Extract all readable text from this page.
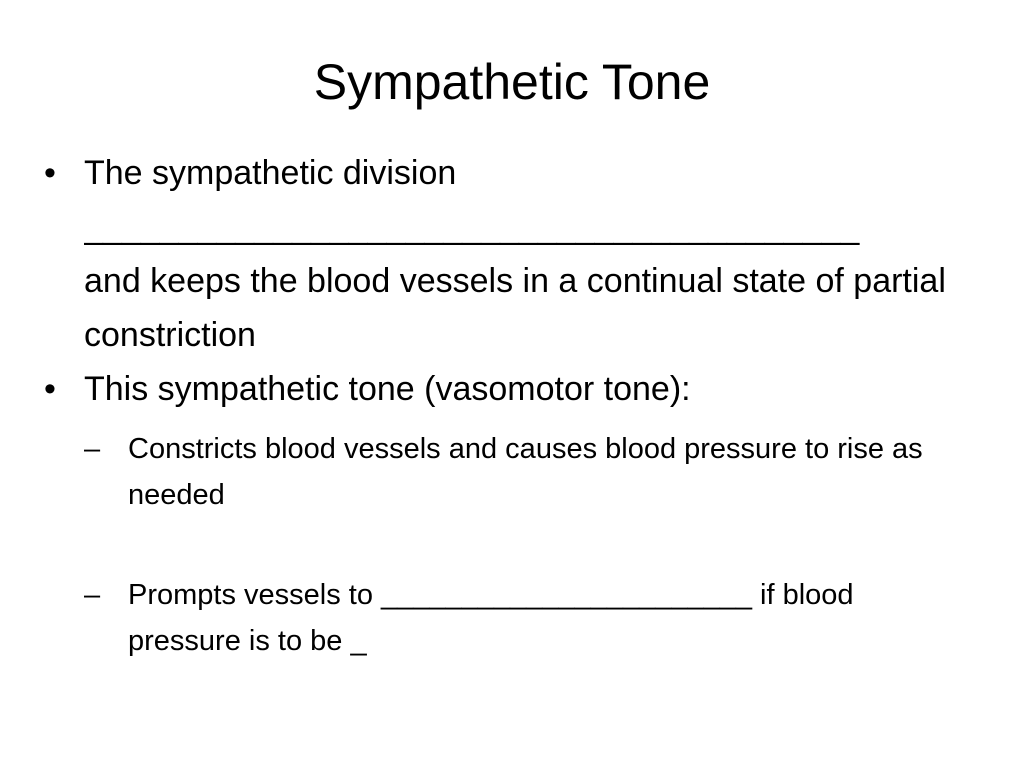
Sympathetic Tone
• The sympathetic division
_________________________________________
and keeps the blood vessels in a continual state of partial constriction
• This sympathetic tone (vasomotor tone):
– Constricts blood vessels and causes blood pressure to rise as needed
– Prompts vessels to _______________________ if blood pressure is to be _
